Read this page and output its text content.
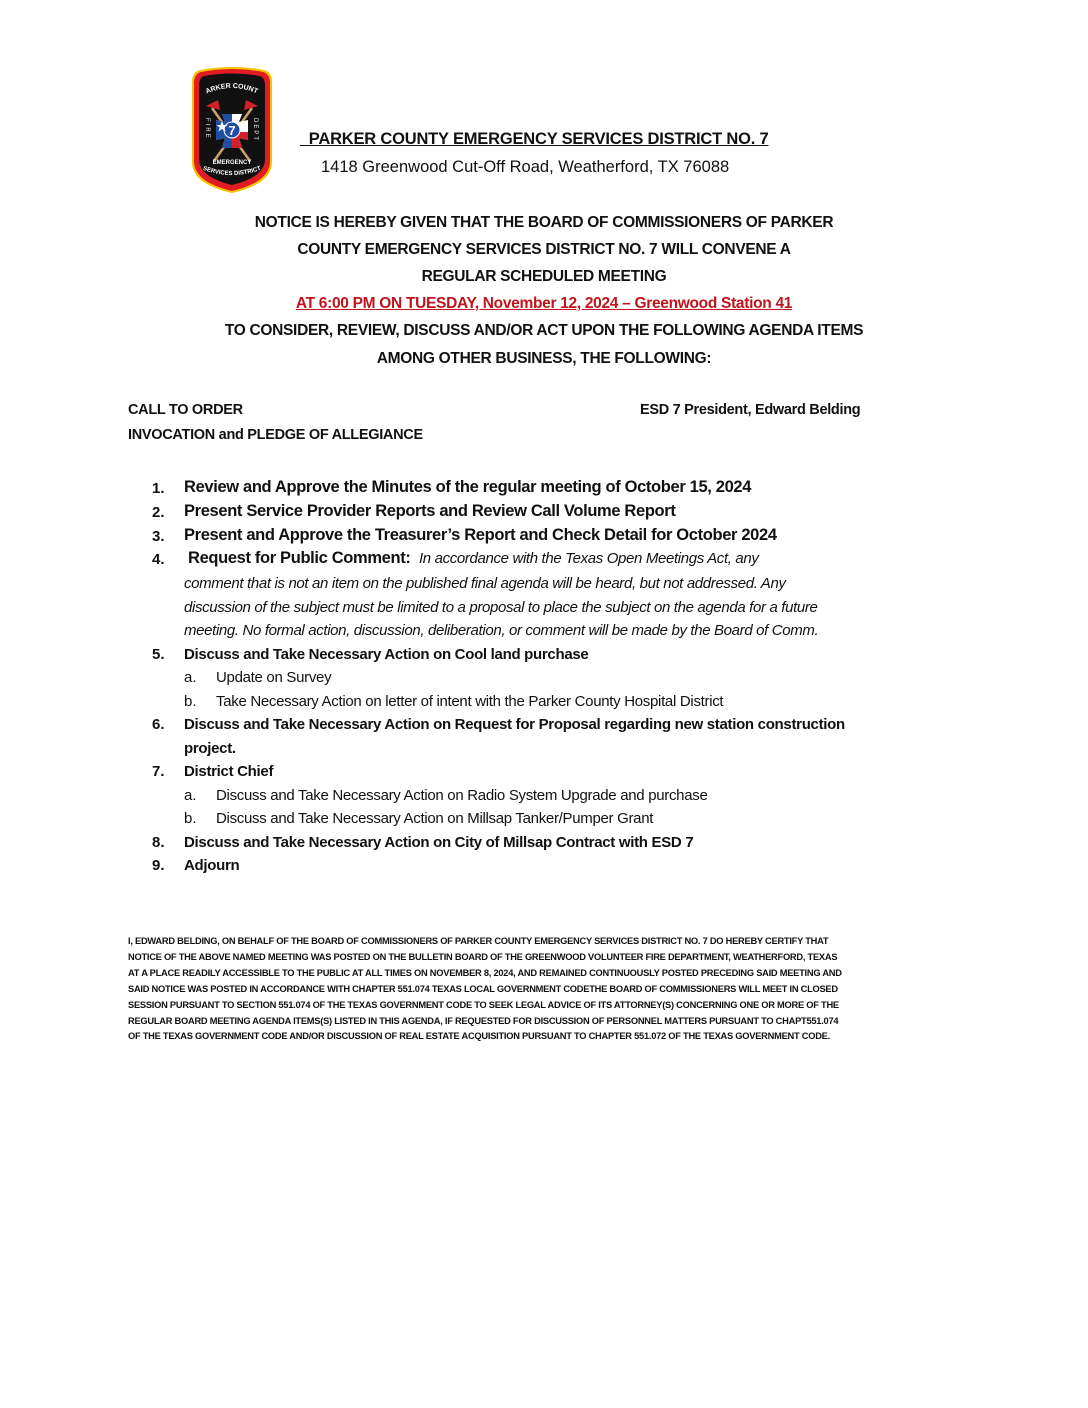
7
ARKER COUNT
FIRE	DEPT
EMERGENCY
SERVICES DISTRICT
PARKER COUNTY EMERGENCY SERVICES DISTRICT NO. 7
1418 Greenwood Cut-Off Road, Weatherford, TX 76088
NOTICE IS HEREBY GIVEN THAT THE BOARD OF COMMISSIONERS OF PARKER
COUNTY EMERGENCY SERVICES DISTRICT NO. 7 WILL CONVENE A
REGULAR SCHEDULED MEETING
AT 6:00 PM ON TUESDAY, November 12, 2024 – Greenwood Station 41
TO CONSIDER, REVIEW, DISCUSS AND/OR ACT UPON THE FOLLOWING AGENDA ITEMS
AMONG OTHER BUSINESS, THE FOLLOWING:
CALL TO ORDER	ESD 7 President, Edward Belding
INVOCATION and PLEDGE OF ALLEGIANCE
1. Review and Approve the Minutes of the regular meeting of October 15, 2024
2. Present Service Provider Reports and Review Call Volume Report
3. Present and Approve the Treasurer’s Report and Check Detail for October 2024
4. Request for Public Comment: In accordance with the Texas Open Meetings Act, any
comment that is not an item on the published final agenda will be heard, but not addressed. Any
discussion of the subject must be limited to a proposal to place the subject on the agenda for a future
meeting. No formal action, discussion, deliberation, or comment will be made by the Board of Comm.
5. Discuss and Take Necessary Action on Cool land purchase
a. Update on Survey
b. Take Necessary Action on letter of intent with the Parker County Hospital District
6. Discuss and Take Necessary Action on Request for Proposal regarding new station construction
project.
7. District Chief
a. Discuss and Take Necessary Action on Radio System Upgrade and purchase
b. Discuss and Take Necessary Action on Millsap Tanker/Pumper Grant
8. Discuss and Take Necessary Action on City of Millsap Contract with ESD 7
9. Adjourn
I, EDWARD BELDING, ON BEHALF OF THE BOARD OF COMMISSIONERS OF PARKER COUNTY EMERGENCY SERVICES DISTRICT NO. 7 DO HEREBY CERTIFY THAT
NOTICE OF THE ABOVE NAMED MEETING WAS POSTED ON THE BULLETIN BOARD OF THE GREENWOOD VOLUNTEER FIRE DEPARTMENT, WEATHERFORD, TEXAS
AT A PLACE READILY ACCESSIBLE TO THE PUBLIC AT ALL TIMES ON NOVEMBER 8, 2024, AND REMAINED CONTINUOUSLY POSTED PRECEDING SAID MEETING AND
SAID NOTICE WAS POSTED IN ACCORDANCE WITH CHAPTER 551.074 TEXAS LOCAL GOVERNMENT CODETHE BOARD OF COMMISSIONERS WILL MEET IN CLOSED
SESSION PURSUANT TO SECTION 551.074 OF THE TEXAS GOVERNMENT CODE TO SEEK LEGAL ADVICE OF ITS ATTORNEY(S) CONCERNING ONE OR MORE OF THE
REGULAR BOARD MEETING AGENDA ITEMS(S) LISTED IN THIS AGENDA, IF REQUESTED FOR DISCUSSION OF PERSONNEL MATTERS PURSUANT TO CHAPT551.074
OF THE TEXAS GOVERNMENT CODE AND/OR DISCUSSION OF REAL ESTATE ACQUISITION PURSUANT TO CHAPTER 551.072 OF THE TEXAS GOVERNMENT CODE.
